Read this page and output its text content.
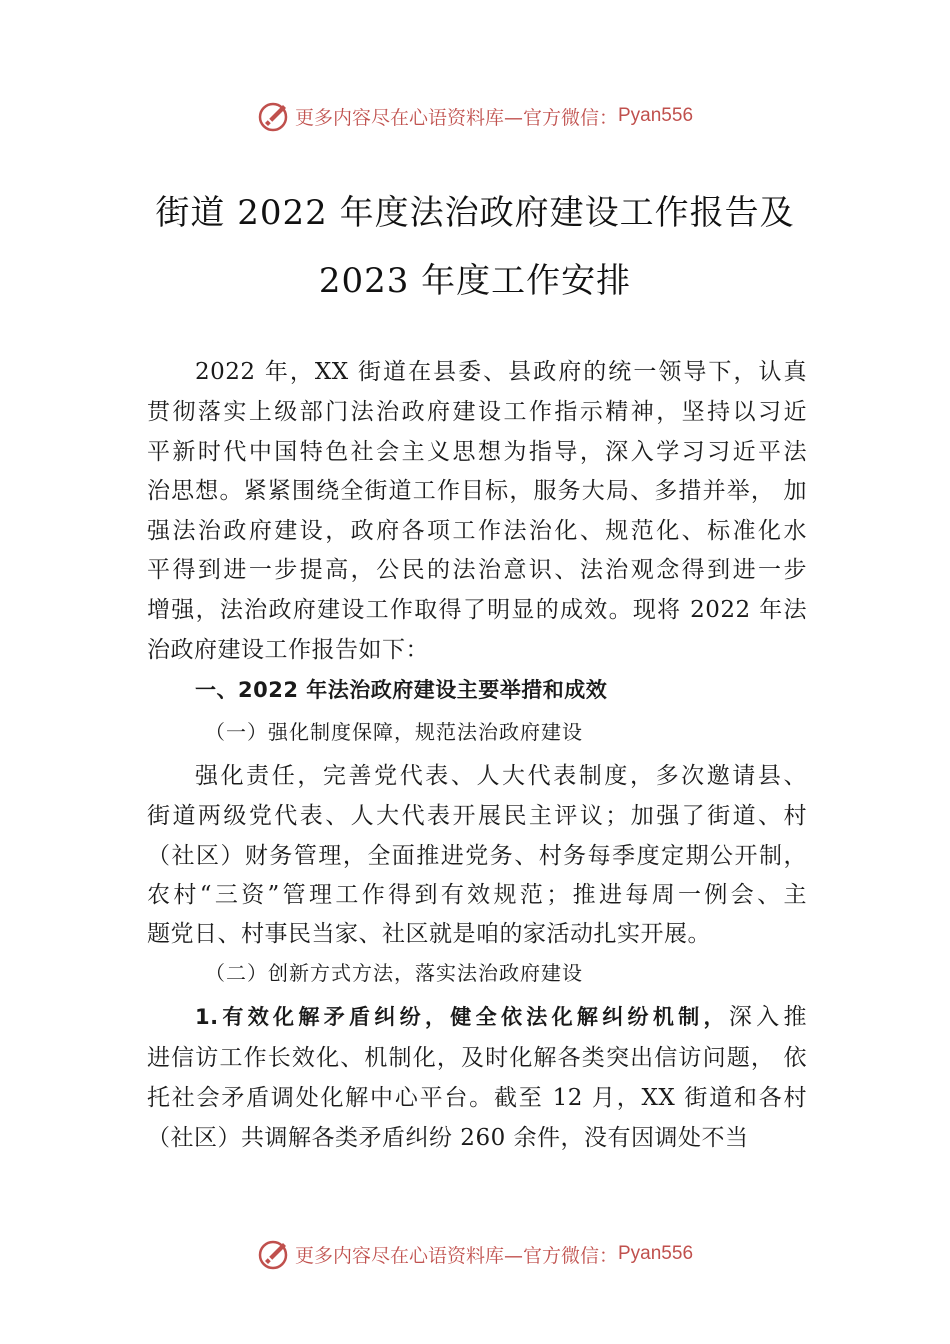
更多内容尽在心语资料库 —官方微信： Pyan556
街道 2022 年度法治政府建设工作报告及
2023 年度工作安排
2022 年，XX 街道在县委、县政府的统一领导下，认真
贯彻落实上级部门法治政府建设工作指示精神，坚持以习近
平新时代中国特色社会主义思想为指导，深入学习习近平法
治思想。紧紧围绕全街道工作目标，服务大局、多措并举， 加
强法治政府建设，政府各项工作法治化、规范化、标准化水
平得到进一步提高，公民的法治意识、法治观念得到进一步
增强，法治政府建设工作取得了明显的成效。现将 2022 年法
治政府建设工作报告如下：
一、2022 年法治政府建设主要举措和成效
（一）强化制度保障，规范法治政府建设
强化责任，完善党代表、人大代表制度，多次邀请县、
街道两级党代表、人大代表开展民主评议；加强了街道、村
（社区）财务管理，全面推进党务、村务每季度定期公开制，
农村“三资”管理工作得到有效规范；推进每周一例会、主
题党日、村事民当家、社区就是咱的家活动扎实开展。
（二）创新方式方法，落实法治政府建设
1.有效化解矛盾纠纷，健全依法化解纠纷机制，深入推
进信访工作长效化、机制化，及时化解各类突出信访问题， 依
托社会矛盾调处化解中心平台。截至 12 月，XX 街道和各村
（社区）共调解各类矛盾纠纷 260 余件，没有因调处不当
更多内容尽在心语资料库 —官方微信： Pyan556
